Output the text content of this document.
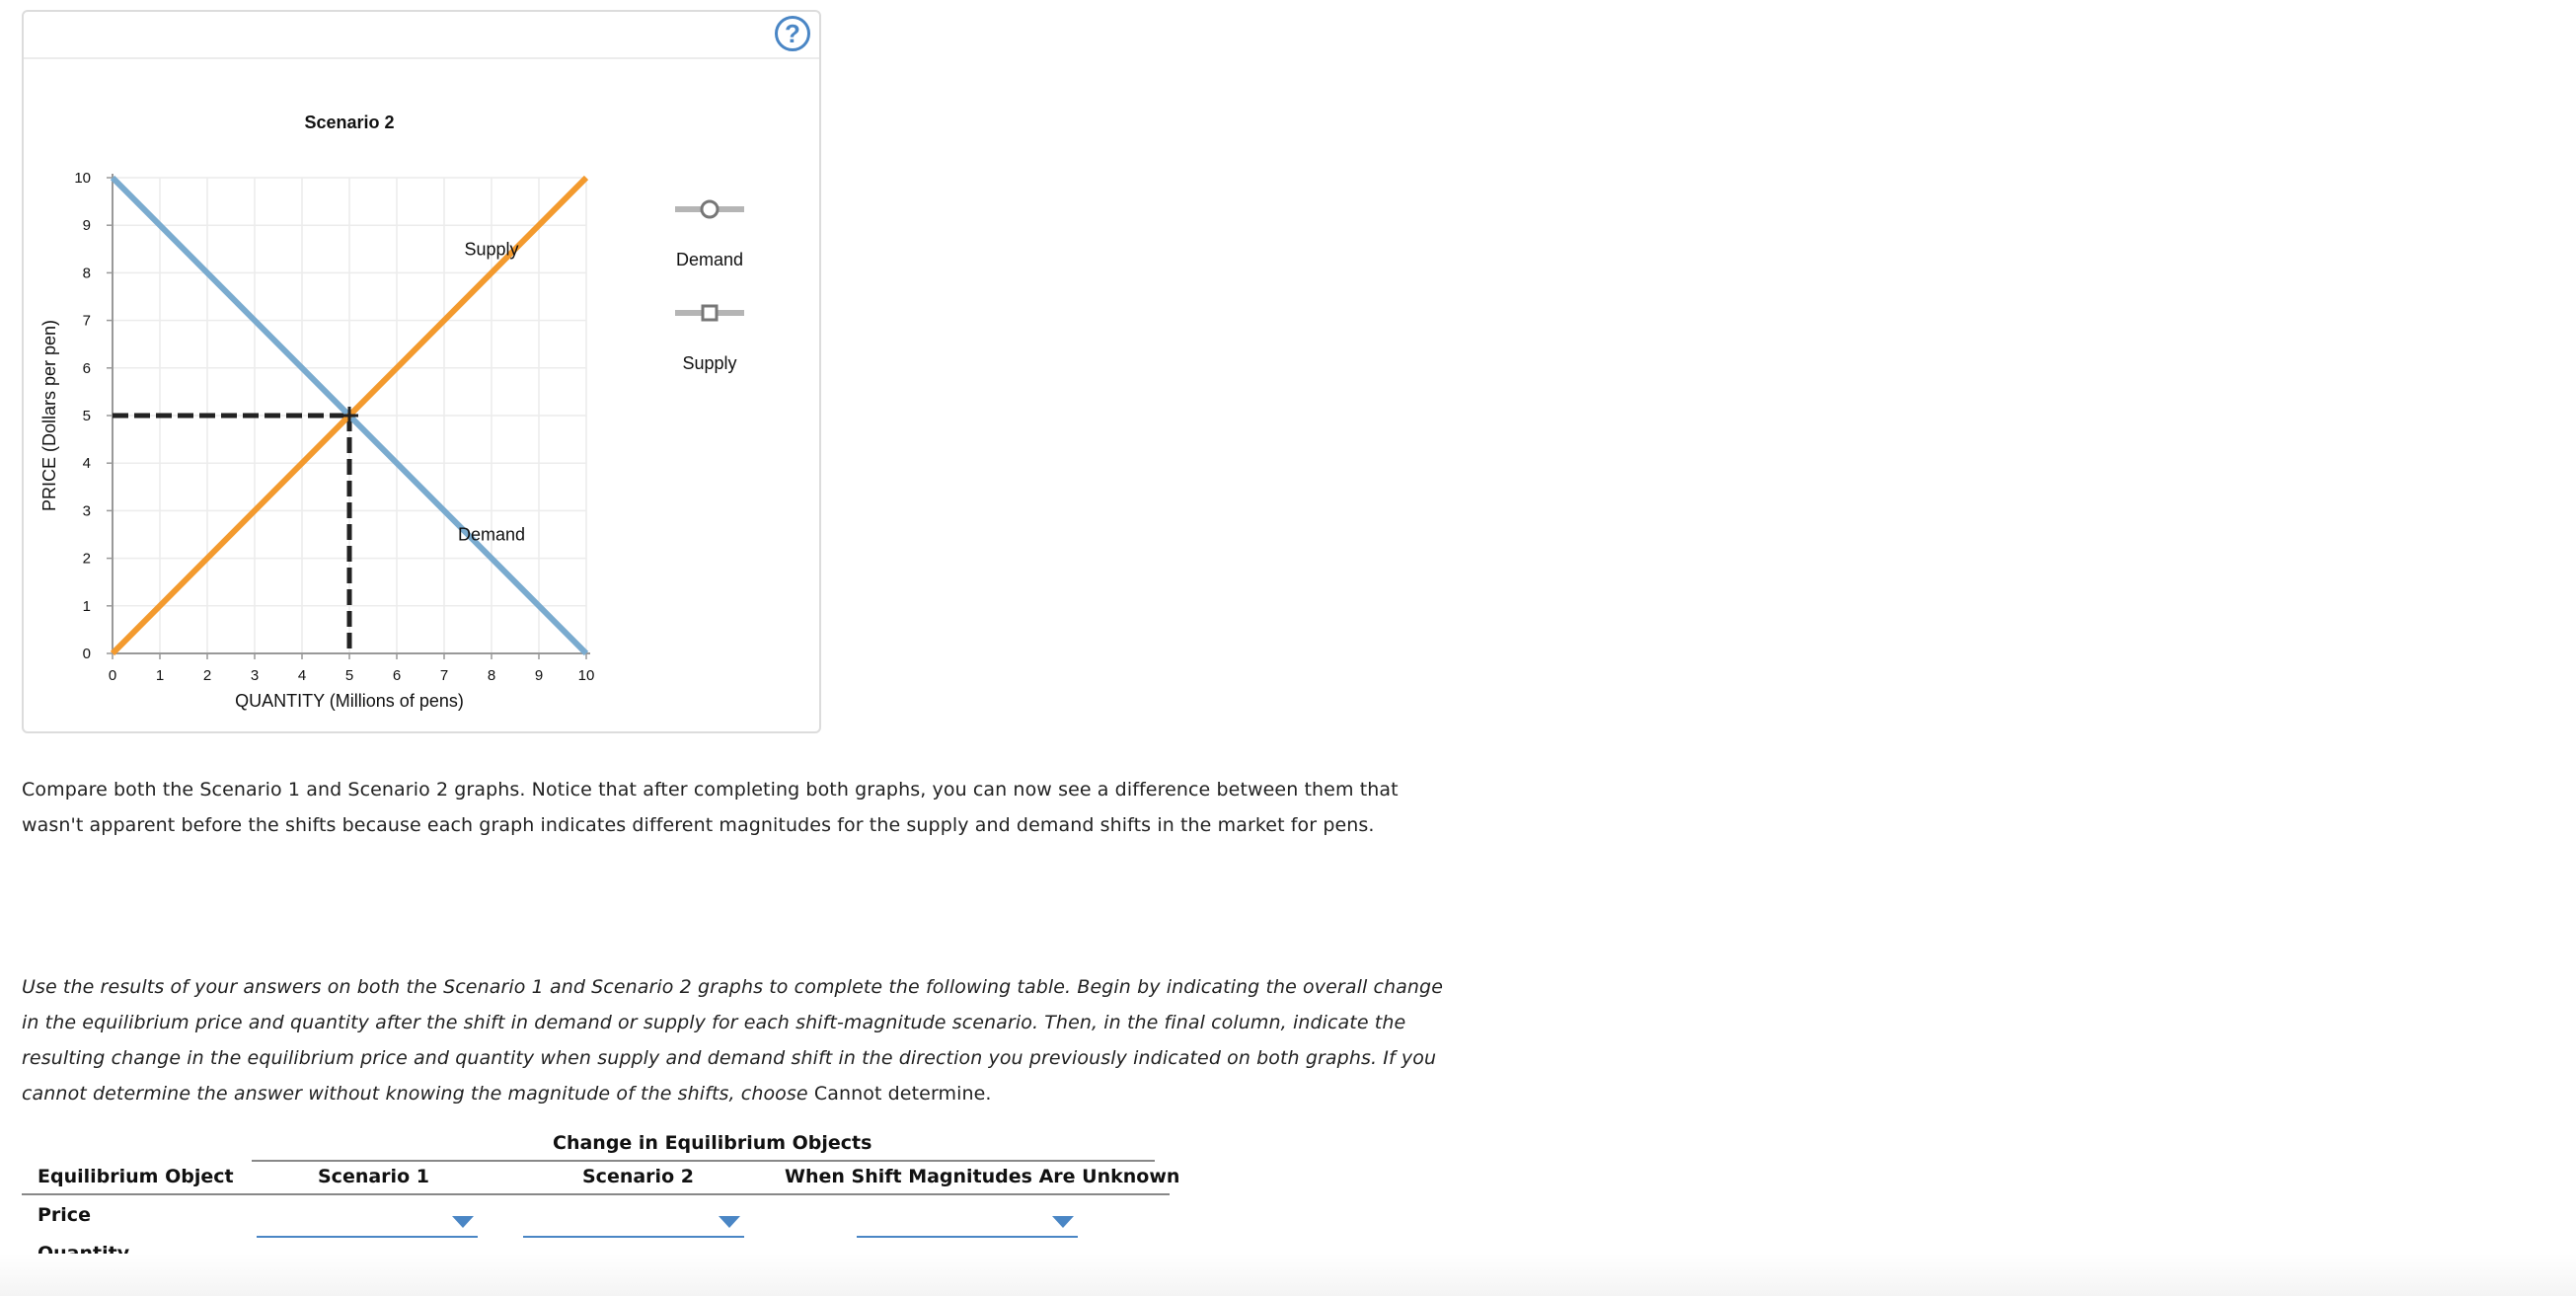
?
0	1	2	3	4	5	6	7	8	9 10
0
1
2
3
4
5
6
7
8
9
10
QUANTITY (Millions of pens)
PRICE (Dollars per pen)
Scenario 2
Supply
Demand
Demand
Supply
Compare both the Scenario 1 and Scenario 2 graphs. Notice that after completing both graphs, you can now see a difference between them that
wasn't apparent before the shifts because each graph indicates different magnitudes for the supply and demand shifts in the market for pens.
Use the results of your answers on both the Scenario 1 and Scenario 2 graphs to complete the following table. Begin by indicating the overall change
in the equilibrium price and quantity after the shift in demand or supply for each shift-magnitude scenario. Then, in the final column, indicate the
resulting change in the equilibrium price and quantity when supply and demand shift in the direction you previously indicated on both graphs. If you
cannot determine the answer without knowing the magnitude of the shifts, choose Cannot determine.
Change in Equilibrium Objects
Equilibrium Object	Scenario 1	Scenario 2	When Shift Magnitudes Are Unknown
Price
